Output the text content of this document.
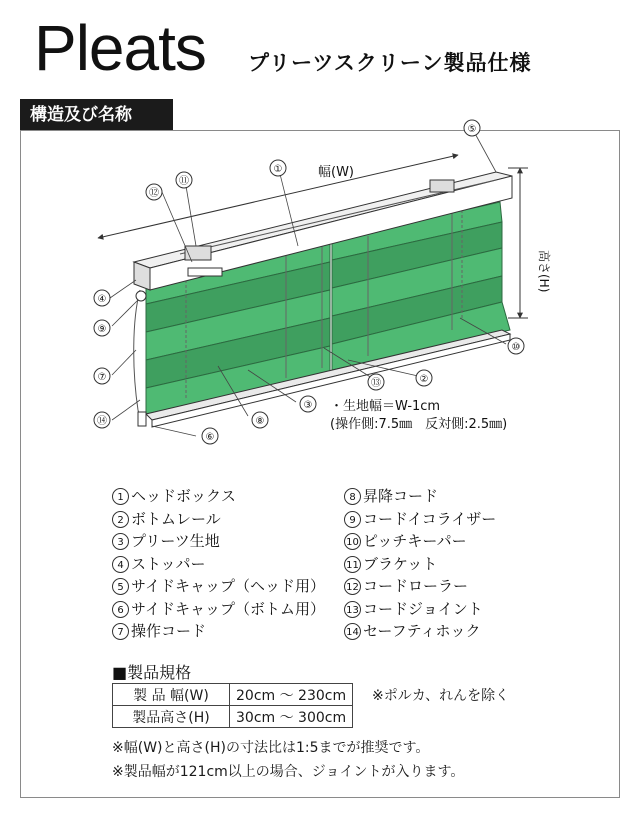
Pleats プリーツスクリーン製品仕様
構造及び名称
幅(W)
高さ(H)
①
②
③
④
⑤
⑥
⑦
⑧
⑨
⑩
⑪
⑫
⑬
⑭
・生地幅＝W-1cm
(操作側:7.5㎜　反対側:2.5㎜)
1 ヘッドボックス
2 ボトムレール
3 プリーツ生地
4 ストッパー
5 サイドキャップ（ヘッド用）
6 サイドキャップ（ボトム用）
7 操作コード
8 昇降コード
9 コードイコライザー
10 ピッチキーパー
11 ブラケット
12 コードローラー
13 コードジョイント
14 セーフティホック
■製品規格
製 品 幅(W)	20cm 〜 230cm
製品高さ(H)	30cm 〜 300cm
※ポルカ、れんを除く
※幅(W)と高さ(H)の寸法比は1:5までが推奨です。
※製品幅が121cm以上の場合、ジョイントが入ります。
